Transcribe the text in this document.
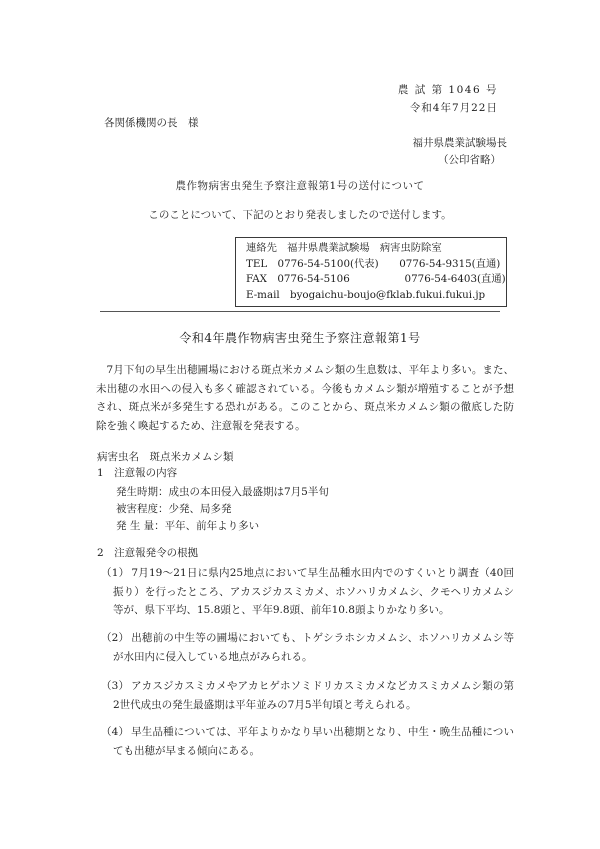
農 試 第 1046 号
令和4年7月22日
各関係機関の長　様
福井県農業試験場長
（公印省略）
農作物病害虫発生予察注意報第1号の送付について
このことについて、下記のとおり発表しましたので送付します。
連絡先　福井県農業試験場　病害虫防除室
TEL　0776-54-5100(代表)　　0776-54-9315(直通)
FAX　0776-54-5106　　　　　 0776-54-6403(直通)
E-mail　byogaichu-boujo@fklab.fukui.fukui.jp
令和4年農作物病害虫発生予察注意報第1号
　7月下旬の早生出穂圃場における斑点米カメムシ類の生息数は、平年より多い。また、未出穂の水田への侵入も多く確認されている。今後もカメムシ類が増殖することが予想され、斑点米が多発生する恐れがある。このことから、斑点米カメムシ類の徹底した防除を強く喚起するため、注意報を発表する。
病害虫名　斑点米カメムシ類
1　注意報の内容
発生時期：成虫の本田侵入最盛期は7月5半旬
被害程度：少発、局多発
発 生 量：平年、前年より多い
2　注意報発令の根拠
（1） 7月19～21日に県内25地点において早生品種水田内でのすくいとり調査（40回振り）を行ったところ、アカスジカスミカメ、ホソハリカメムシ、クモヘリカメムシ等が、県下平均、15.8頭と、平年9.8頭、前年10.8頭よりかなり多い。
（2） 出穂前の中生等の圃場においても、トゲシラホシカメムシ、ホソハリカメムシ等が水田内に侵入している地点がみられる。
（3） アカスジカスミカメやアカヒゲホソミドリカスミカメなどカスミカメムシ類の第2世代成虫の発生最盛期は平年並みの7月5半旬頃と考えられる。
（4） 早生品種については、平年よりかなり早い出穂期となり、中生・晩生品種についても出穂が早まる傾向にある。
